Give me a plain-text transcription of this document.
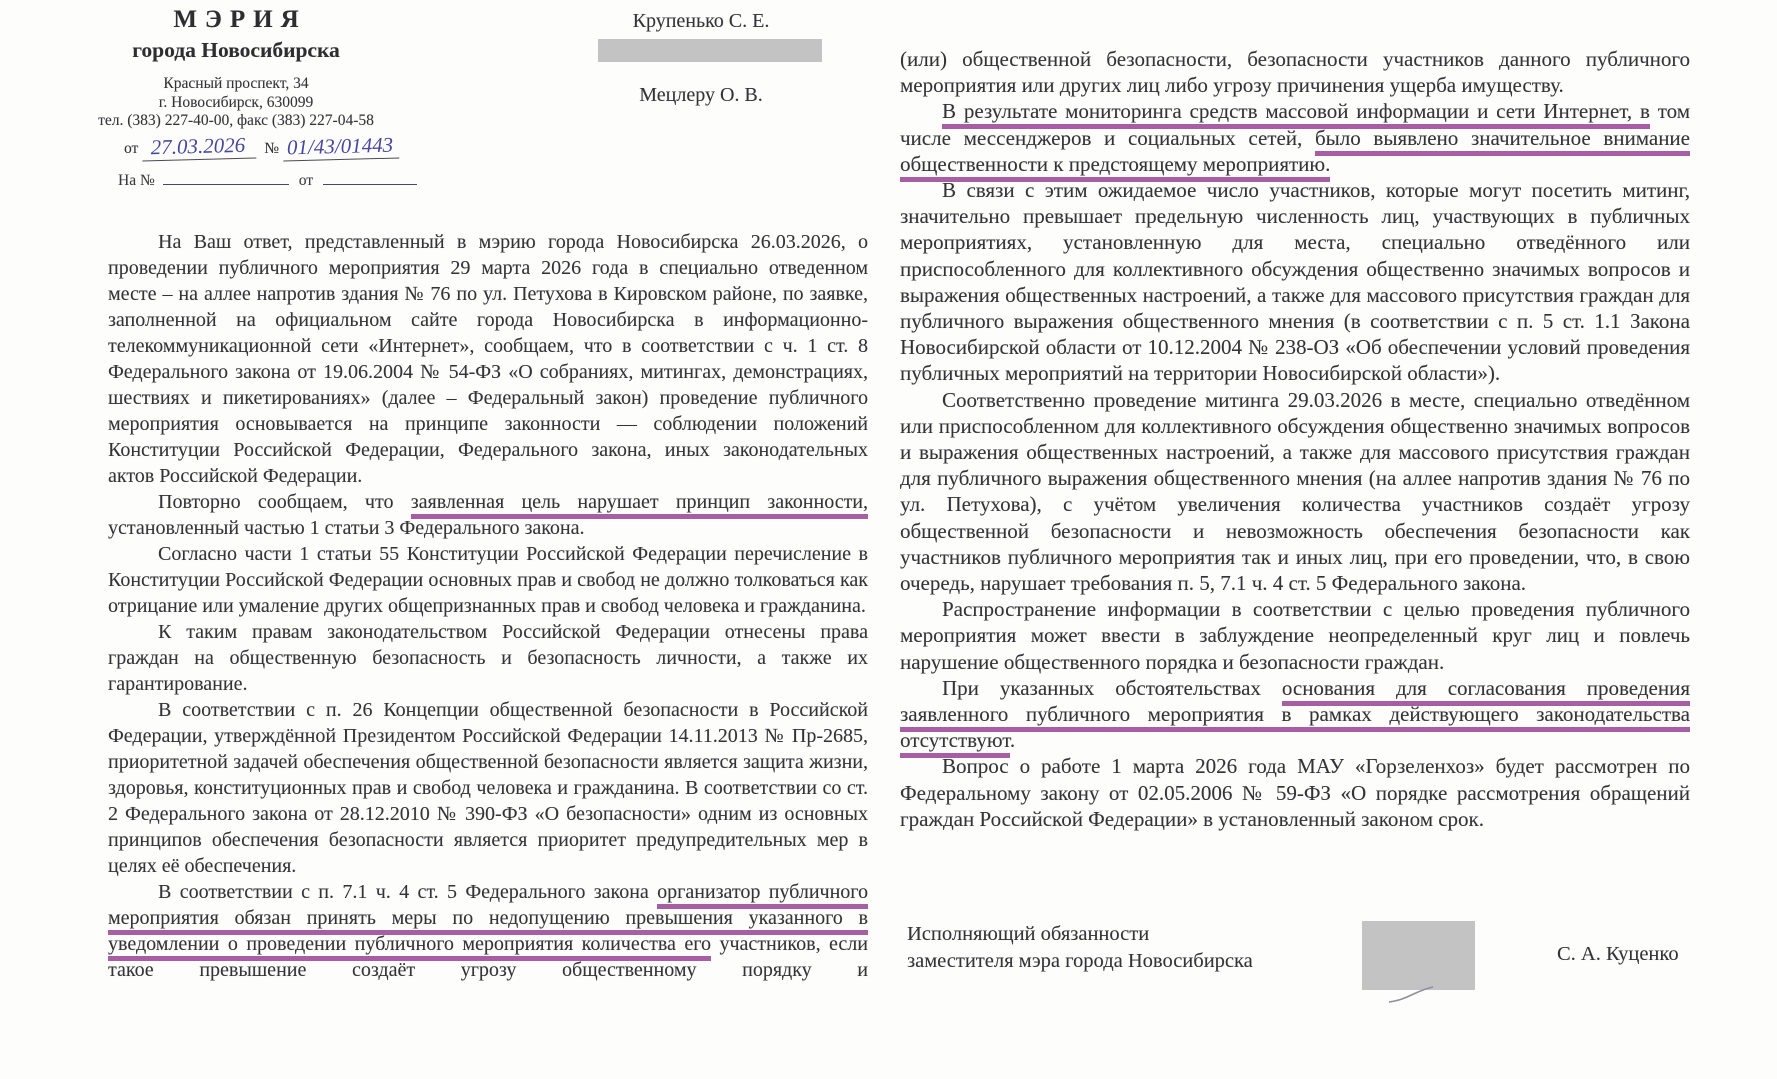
МЭРИЯ
города Новосибирска
Красный проспект, 34
г. Новосибирск, 630099
тел. (383) 227-40-00, факс (383) 227-04-58
от 27.03.2026 № 01/43/01443
На №	от
Крупенько С. Е.
Мецлеру О. В.

На Ваш ответ, представленный в мэрию города Новосибирска 26.03.2026, о проведении публичного мероприятия 29 марта 2026 года в специально отведенном месте – на аллее напротив здания № 76 по ул. Петухова в Кировском районе, по заявке, заполненной на официальном сайте города Новосибирска в информационно-телекоммуникационной сети «Интернет», сообщаем, что в соответствии с ч. 1 ст. 8 Федерального закона от 19.06.2004 № 54-ФЗ «О собраниях, митингах, демонстрациях, шествиях и пикетированиях» (далее – Федеральный закон) проведение публичного мероприятия основывается на принципе законности — соблюдении положений Конституции Российской Федерации, Федерального закона, иных законодательных актов Российской Федерации.

Повторно сообщаем, что заявленная цель нарушает принцип законности, установленный частью 1 статьи 3 Федерального закона.

Согласно части 1 статьи 55 Конституции Российской Федерации перечисление в Конституции Российской Федерации основных прав и свобод не должно толковаться как отрицание или умаление других общепризнанных прав и свобод человека и гражданина.

К таким правам законодательством Российской Федерации отнесены права граждан на общественную безопасность и безопасность личности, а также их гарантирование.

В соответствии с п. 26 Концепции общественной безопасности в Российской Федерации, утверждённой Президентом Российской Федерации 14.11.2013 № Пр-2685, приоритетной задачей обеспечения общественной безопасности является защита жизни, здоровья, конституционных прав и свобод человека и гражданина. В соответствии со ст. 2 Федерального закона от 28.12.2010 № 390-ФЗ «О безопасности» одним из основных принципов обеспечения безопасности является приоритет предупредительных мер в целях её обеспечения.

В соответствии с п. 7.1 ч. 4 ст. 5 Федерального закона организатор публичного мероприятия обязан принять меры по недопущению превышения указанного в уведомлении о проведении публичного мероприятия количества его участников, если такое превышение создаёт угрозу общественному порядку и

(или) общественной безопасности, безопасности участников данного публичного мероприятия или других лиц либо угрозу причинения ущерба имуществу.

В результате мониторинга средств массовой информации и сети Интернет, в том числе мессенджеров и социальных сетей, было выявлено значительное внимание общественности к предстоящему мероприятию.

В связи с этим ожидаемое число участников, которые могут посетить митинг, значительно превышает предельную численность лиц, участвующих в публичных мероприятиях, установленную для места, специально отведённого или приспособленного для коллективного обсуждения общественно значимых вопросов и выражения общественных настроений, а также для массового присутствия граждан для публичного выражения общественного мнения (в соответствии с п. 5 ст. 1.1 Закона Новосибирской области от 10.12.2004 № 238-ОЗ «Об обеспечении условий проведения публичных мероприятий на территории Новосибирской области»).

Соответственно проведение митинга 29.03.2026 в месте, специально отведённом или приспособленном для коллективного обсуждения общественно значимых вопросов и выражения общественных настроений, а также для массового присутствия граждан для публичного выражения общественного мнения (на аллее напротив здания № 76 по ул. Петухова), с учётом увеличения количества участников создаёт угрозу общественной безопасности и невозможность обеспечения безопасности как участников публичного мероприятия так и иных лиц, при его проведении, что, в свою очередь, нарушает требования п. 5, 7.1 ч. 4 ст. 5 Федерального закона.

Распространение информации в соответствии с целью проведения публичного мероприятия может ввести в заблуждение неопределенный круг лиц и повлечь нарушение общественного порядка и безопасности граждан.

При указанных обстоятельствах основания для согласования проведения заявленного публичного мероприятия в рамках действующего законодательства отсутствуют.

Вопрос о работе 1 марта 2026 года МАУ «Горзеленхоз» будет рассмотрен по Федеральному закону от 02.05.2006 № 59-ФЗ «О порядке рассмотрения обращений граждан Российской Федерации» в установленный законом срок.

Исполняющий обязанности
заместителя мэра города Новосибирска	С. А. Куценко
